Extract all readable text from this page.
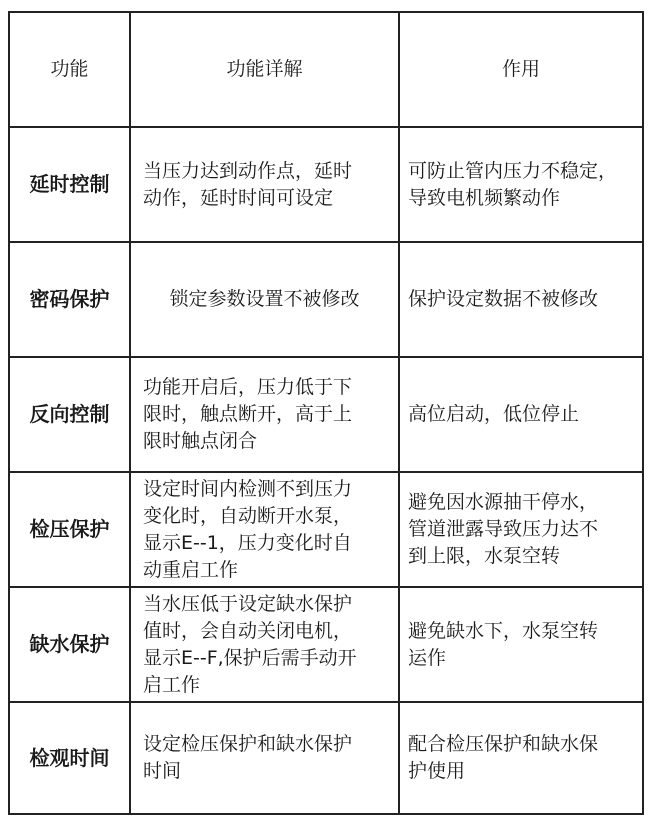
功能	功能详解	作用

延时控制	当压力达到动作点，延时
动作，延时时间可设定	可防止管内压力不稳定，
导致电机频繁动作

密码保护	锁定参数设置不被修改	保护设定数据不被修改

反向控制	功能开启后，压力低于下
限时，触点断开，高于上
限时触点闭合	高位启动，低位停止

检压保护	设定时间内检测不到压力
变化时，自动断开水泵，
显示E--1，压力变化时自
动重启工作	避免因水源抽干停水，
管道泄露导致压力达不
到上限，水泵空转

缺水保护	当水压低于设定缺水保护
值时，会自动关闭电机，
显示E--F,保护后需手动开
启工作	避免缺水下，水泵空转
运作

检观时间	设定检压保护和缺水保护
时间	配合检压保护和缺水保
护使用
